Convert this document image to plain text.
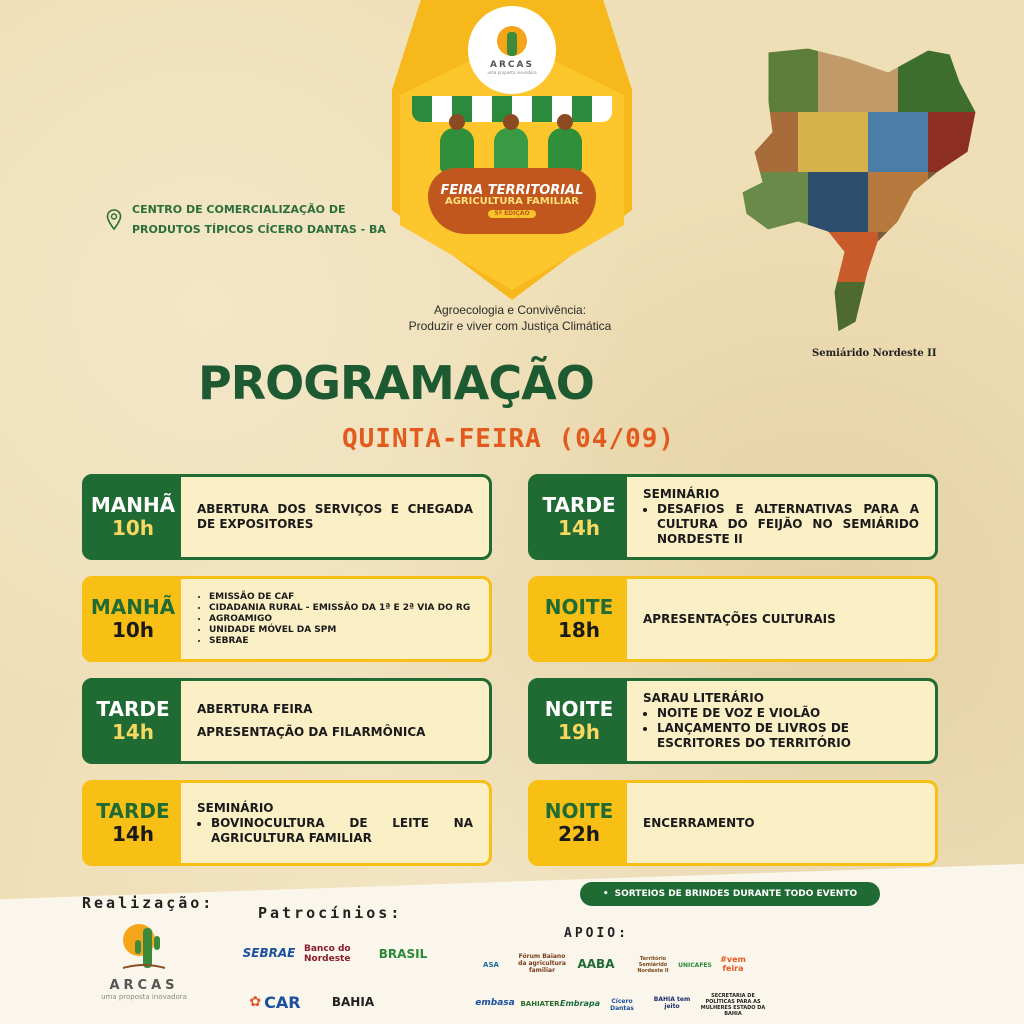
ARCAS
uma proposta inovadora
FEIRA TERRITORIAL
AGRICULTURA FAMILIAR
5ª EDIÇÃO
CENTRO DE COMERCIALIZAÇÃO DE
PRODUTOS TÍPICOS CÍCERO DANTAS - BA
Agroecologia e Convivência:
Produzir e viver com Justiça Climática
Semiárido Nordeste II
PROGRAMAÇÃO
QUINTA-FEIRA (04/09)
MANHÃ
10h
ABERTURA DOS SERVIÇOS E CHEGADA DE EXPOSITORES
MANHÃ
10h
• EMISSÃO DE CAF
• CIDADANIA RURAL - EMISSÃO DA 1ª E 2ª VIA DO RG
• AGROAMIGO
• UNIDADE MÓVEL DA SPM
• SEBRAE
TARDE
14h
ABERTURA FEIRA
APRESENTAÇÃO DA FILARMÔNICA
TARDE
14h
SEMINÁRIO
• BOVINOCULTURA DE LEITE NA AGRICULTURA FAMILIAR
TARDE
14h
SEMINÁRIO
• DESAFIOS E ALTERNATIVAS PARA A CULTURA DO FEIJÃO NO SEMIÁRIDO NORDESTE II
NOITE
18h	APRESENTAÇÕES CULTURAIS
NOITE
19h
SARAU LITERÁRIO
• NOITE DE VOZ E VIOLÃO
• LANÇAMENTO DE LIVROS DE ESCRITORES DO TERRITÓRIO
NOITE
22h	ENCERRAMENTO
• SORTEIOS DE BRINDES DURANTE TODO EVENTO
Realização:
Patrocínios:
APOIO:
ARCAS
uma proposta inovadora
SEBRAE Banco do Nordeste	BRASIL
✿ CAR	BAHIA
ASA
Fórum Baiano da agricultura familiar	AABA	Território Semiárido Nordeste II
UNICAFES
#vem feira
embasa BAHIATER Embrapa	Cícero Dantas
BAHIA tem jeito
SECRETARIA DE POLÍTICAS PARA AS MULHERES ESTADO DA BAHIA
